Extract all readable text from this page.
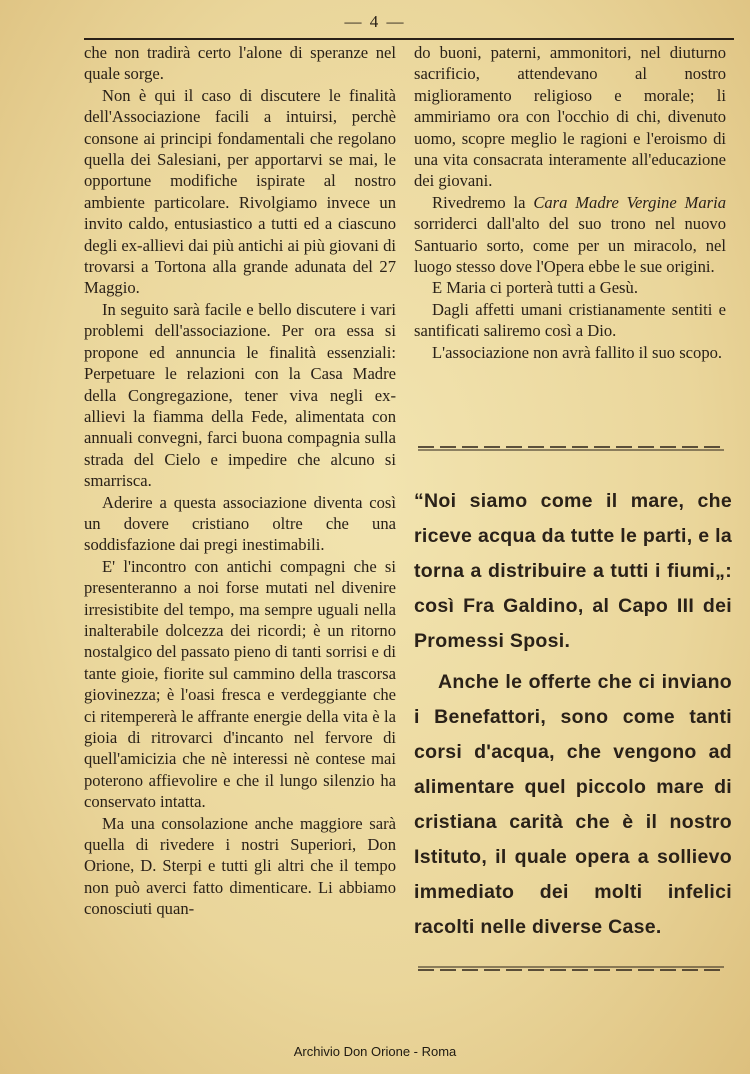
— 4 —

che non tradirà certo l'alone di speranze nel quale sorge.

Non è qui il caso di discutere le finalità dell'Associazione facili a intuirsi, perchè consone ai principi fondamentali che regolano quella dei Salesiani, per apportarvi se mai, le opportune modifiche ispirate al nostro ambiente particolare. Rivolgiamo invece un invito caldo, entusiastico a tutti ed a ciascuno degli ex-allievi dai più antichi ai più giovani di trovarsi a Tortona alla grande adunata del 27 Maggio.

In seguito sarà facile e bello discutere i vari problemi dell'associazione. Per ora essa si propone ed annuncia le finalità essenziali: Perpetuare le relazioni con la Casa Madre della Congregazione, tener viva negli ex-allievi la fiamma della Fede, alimentata con annuali convegni, farci buona compagnia sulla strada del Cielo e impedire che alcuno si smarrisca.

Aderire a questa associazione diventa così un dovere cristiano oltre che una soddisfazione dai pregi inestimabili.

E' l'incontro con antichi compagni che si presenteranno a noi forse mutati nel divenire irresistibite del tempo, ma sempre uguali nella inalterabile dolcezza dei ricordi; è un ritorno nostalgico del passato pieno di tanti sorrisi e di tante gioie, fiorite sul cammino della trascorsa giovinezza; è l'oasi fresca e verdeggiante che ci ritempererà le affrante energie della vita è la gioia di ritrovarci d'incanto nel fervore di quell'amicizia che nè interessi nè contese mai poterono affievolire e che il lungo silenzio ha conservato intatta.

Ma una consolazione anche maggiore sarà quella di rivedere i nostri Superiori, Don Orione, D. Sterpi e tutti gli altri che il tempo non può averci fatto dimenticare. Li abbiamo conosciuti quan-

do buoni, paterni, ammonitori, nel diuturno sacrificio, attendevano al nostro miglioramento religioso e morale; li ammiriamo ora con l'occhio di chi, divenuto uomo, scopre meglio le ragioni e l'eroismo di una vita consacrata interamente all'educazione dei giovani.

Rivedremo la Cara Madre Vergine Maria sorriderci dall'alto del suo trono nel nuovo Santuario sorto, come per un miracolo, nel luogo stesso dove l'Opera ebbe le sue origini.

E Maria ci porterà tutti a Gesù.

Dagli affetti umani cristianamente sentiti e santificati saliremo così a Dio.

L'associazione non avrà fallito il suo scopo.

“Noi siamo come il mare, che riceve acqua da tutte le parti, e la torna a distribuire a tutti i fiumi„: così Fra Galdino, al Capo III dei Promessi Sposi.

Anche le offerte che ci inviano i Benefattori, sono come tanti corsi d'acqua, che vengono ad alimentare quel piccolo mare di cristiana carità che è il nostro Istituto, il quale opera a sollievo immediato dei molti infelici racolti nelle diverse Case.

Archivio Don Orione - Roma
